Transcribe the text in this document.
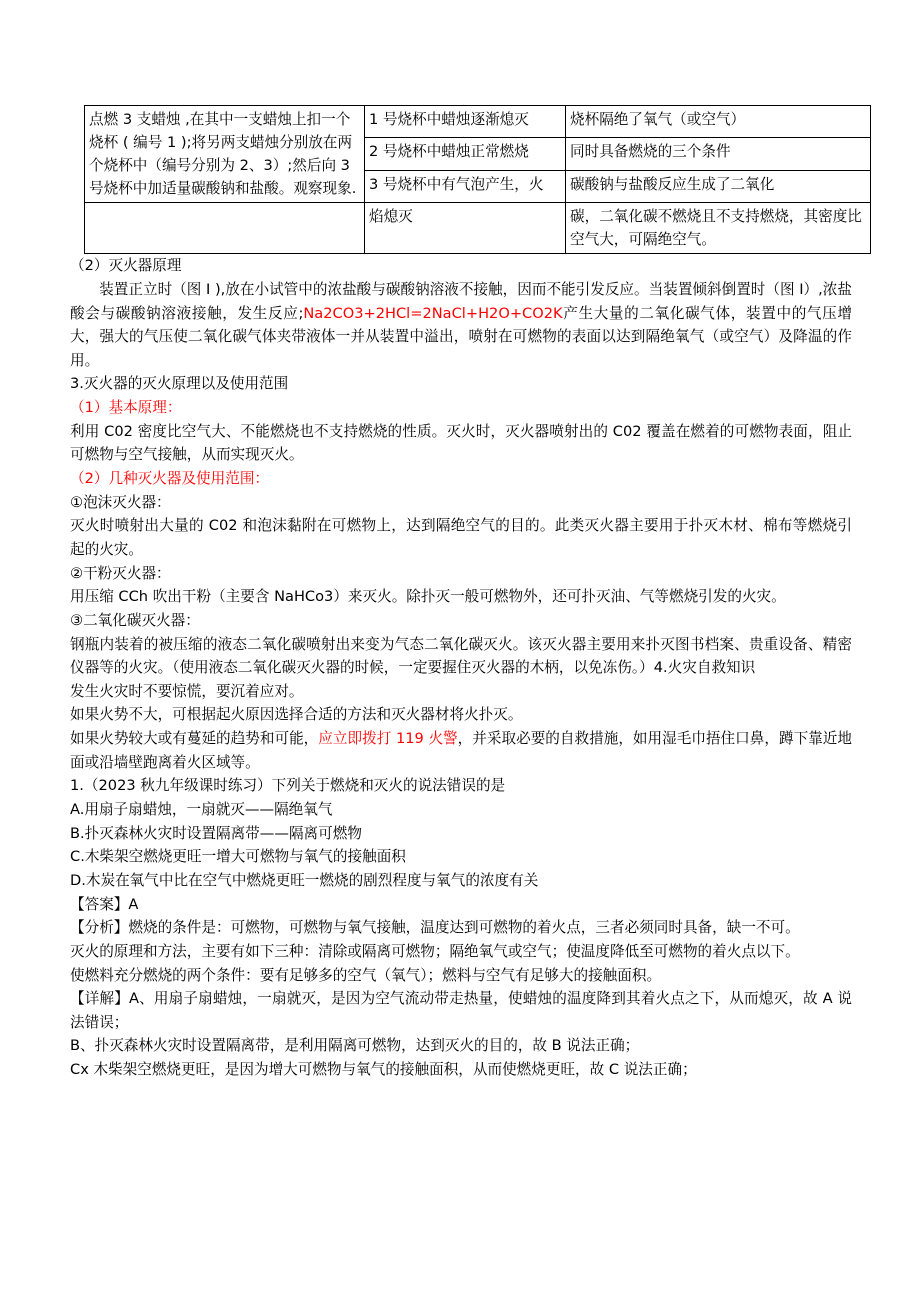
点燃 3 支蜡烛 ,在其中一支蜡烛上扣一个烧杯 ( 编号 1 );将另两支蜡烛分别放在两个烧杯中（编号分别为 2、3）;然后向 3 号烧杯中加适量碳酸钠和盐酸。观察现象.	1 号烧杯中蜡烛逐渐熄灭	烧杯隔绝了氧气（或空气）
	2 号烧杯中蜡烛正常燃烧	同时具备燃烧的三个条件
	3 号烧杯中有气泡产生，火	碳酸钠与盐酸反应生成了二氧化
	焰熄灭	碳，二氧化碳不燃烧且不支持燃烧，其密度比空气大，可隔绝空气。

（2）灭火器原理

装置正立时（图 I ),放在小试管中的浓盐酸与碳酸钠溶液不接触，因而不能引发反应。当装置倾斜倒置时（图 I）,浓盐酸会与碳酸钠溶液接触，发生反应;Na2CO3+2HCl=2NaCl+H2O+CO2K产生大量的二氧化碳气体，装置中的气压增大，强大的气压使二氧化碳气体夹带液体一并从装置中溢出，喷射在可燃物的表面以达到隔绝氧气（或空气）及降温的作用。

3.灭火器的灭火原理以及使用范围

（1）基本原理：

利用 C02 密度比空气大、不能燃烧也不支持燃烧的性质。灭火时，灭火器喷射出的 C02 覆盖在燃着的可燃物表面，阻止可燃物与空气接触，从而实现灭火。

（2）几种灭火器及使用范围：

①泡沫灭火器：

灭火时喷射出大量的 C02 和泡沫黏附在可燃物上，达到隔绝空气的目的。此类灭火器主要用于扑灭木材、棉布等燃烧引起的火灾。

②干粉灭火器：

用压缩 CCh 吹出干粉（主要含 NaHCo3）来灭火。除扑灭一般可燃物外，还可扑灭油、气等燃烧引发的火灾。

③二氧化碳灭火器：

钢瓶内装着的被压缩的液态二氧化碳喷射出来变为气态二氧化碳灭火。该灭火器主要用来扑灭图书档案、贵重设备、精密仪器等的火灾。（使用液态二氧化碳灭火器的时候，一定要握住灭火器的木柄，以免冻伤。）4.火灾自救知识

发生火灾时不要惊慌，要沉着应对。

如果火势不大，可根据起火原因选择合适的方法和灭火器材将火扑灭。

如果火势较大或有蔓延的趋势和可能，应立即拨打 119 火警，并采取必要的自救措施，如用湿毛巾捂住口鼻，蹲下靠近地面或沿墙壁跑离着火区域等。

1.（2023 秋九年级课时练习）下列关于燃烧和灭火的说法错误的是

A.用扇子扇蜡烛，一扇就灭——隔绝氧气

B.扑灭森林火灾时设置隔离带——隔离可燃物

C.木柴架空燃烧更旺一增大可燃物与氧气的接触面积

D.木炭在氧气中比在空气中燃烧更旺一燃烧的剧烈程度与氧气的浓度有关

【答案】A

【分析】燃烧的条件是：可燃物，可燃物与氧气接触，温度达到可燃物的着火点，三者必须同时具备，缺一不可。

灭火的原理和方法，主要有如下三种：清除或隔离可燃物；隔绝氧气或空气；使温度降低至可燃物的着火点以下。

使燃料充分燃烧的两个条件：要有足够多的空气（氧气）；燃料与空气有足够大的接触面积。

【详解】A、用扇子扇蜡烛，一扇就灭，是因为空气流动带走热量，使蜡烛的温度降到其着火点之下，从而熄灭，故 A 说法错误；

B、扑灭森林火灾时设置隔离带，是利用隔离可燃物，达到灭火的目的，故 B 说法正确；

Cx 木柴架空燃烧更旺，是因为增大可燃物与氧气的接触面积，从而使燃烧更旺，故 C 说法正确；
